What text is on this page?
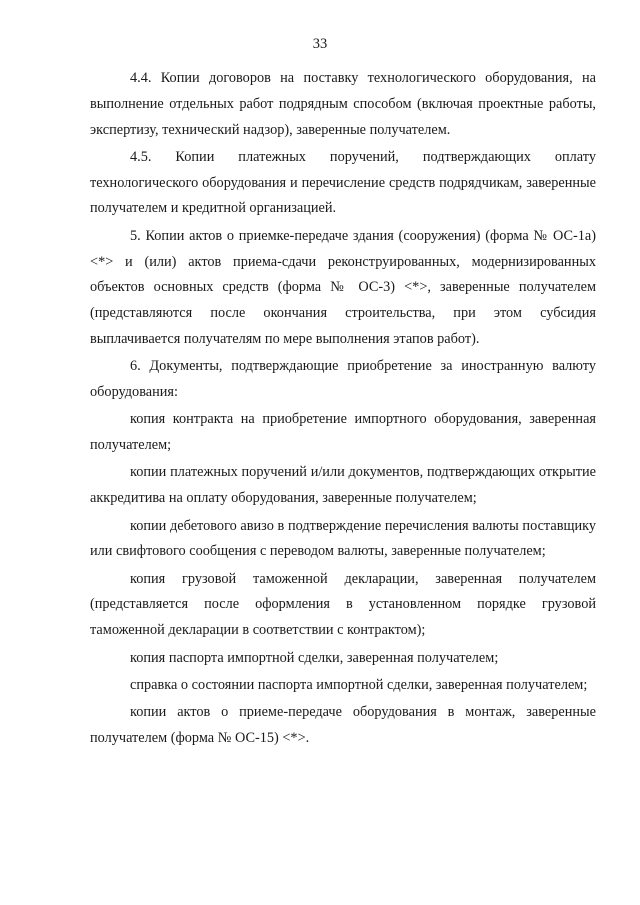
33

4.4. Копии договоров на поставку технологического оборудования, на выполнение отдельных работ подрядным способом (включая проектные работы, экспертизу, технический надзор), заверенные получателем.

4.5. Копии платежных поручений, подтверждающих оплату технологического оборудования и перечисление средств подрядчикам, заверенные получателем и кредитной организацией.

5. Копии актов о приемке-передаче здания (сооружения) (форма № ОС-1а) <*> и (или) актов приема-сдачи реконструированных, модернизированных объектов основных средств (форма № ОС-3) <*>, заверенные получателем (представляются после окончания строительства, при этом субсидия выплачивается получателям по мере выполнения этапов работ).

6. Документы, подтверждающие приобретение за иностранную валюту оборудования:

копия контракта на приобретение импортного оборудования, заверенная получателем;

копии платежных поручений и/или документов, подтверждающих открытие аккредитива на оплату оборудования, заверенные получателем;

копии дебетового авизо в подтверждение перечисления валюты поставщику или свифтового сообщения с переводом валюты, заверенные получателем;

копия грузовой таможенной декларации, заверенная получателем (представляется после оформления в установленном порядке грузовой таможенной декларации в соответствии с контрактом);

копия паспорта импортной сделки, заверенная получателем;

справка о состоянии паспорта импортной сделки, заверенная получателем;

копии актов о приеме-передаче оборудования в монтаж, заверенные получателем (форма № ОС-15) <*>.
